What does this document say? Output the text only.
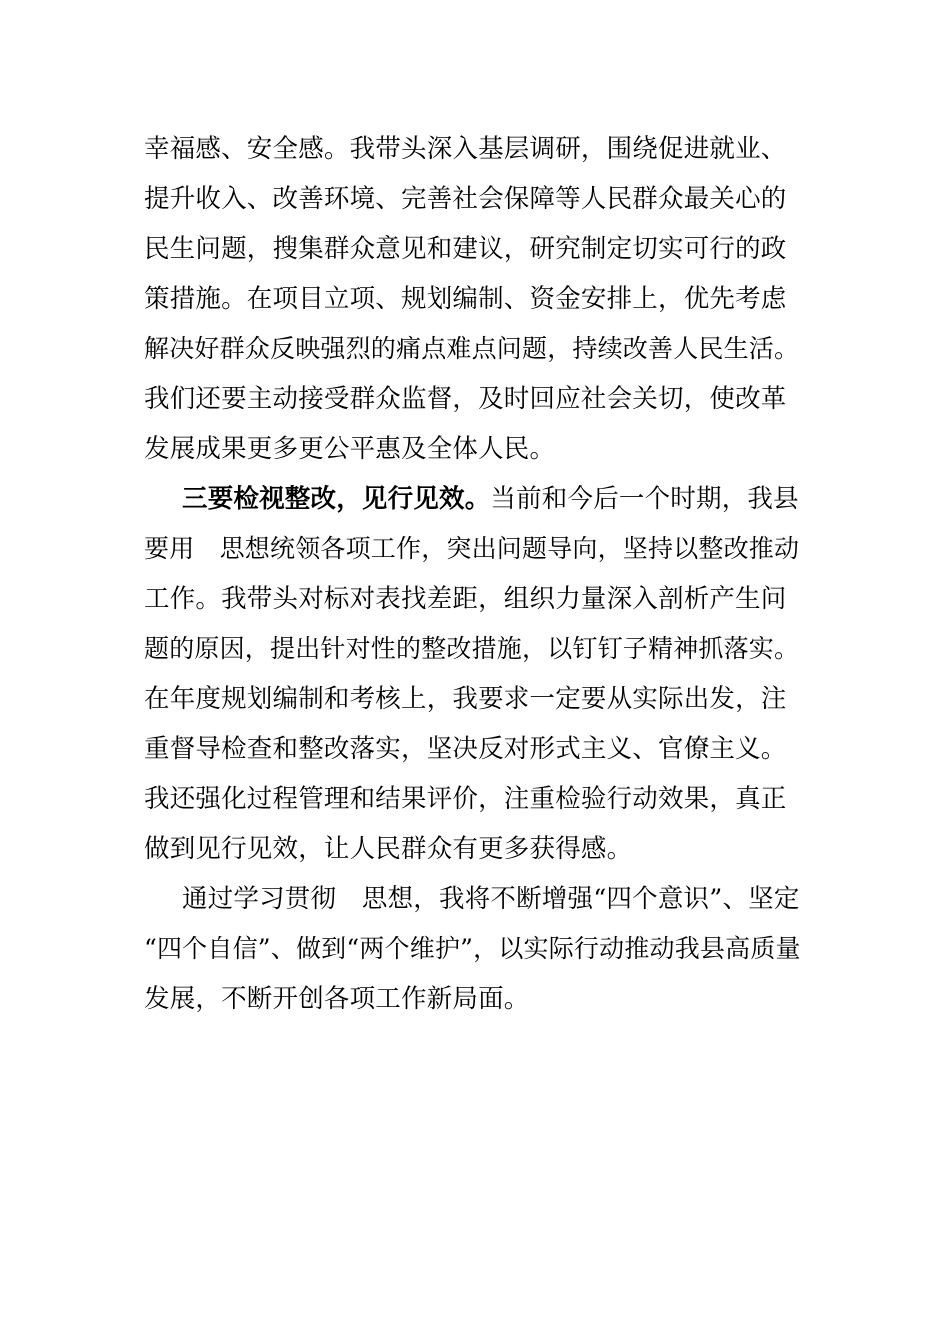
幸福感、安全感。我带头深入基层调研，围绕促进就业、
提升收入、改善环境、完善社会保障等人民群众最关心的
民生问题，搜集群众意见和建议，研究制定切实可行的政
策措施。在项目立项、规划编制、资金安排上，优先考虑
解决好群众反映强烈的痛点难点问题，持续改善人民生活。
我们还要主动接受群众监督，及时回应社会关切，使改革
发展成果更多更公平惠及全体人民。
三要检视整改，见行见效。当前和今后一个时期，我县
要用　思想统领各项工作，突出问题导向，坚持以整改推动
工作。我带头对标对表找差距，组织力量深入剖析产生问
题的原因，提出针对性的整改措施，以钉钉子精神抓落实。
在年度规划编制和考核上，我要求一定要从实际出发，注
重督导检查和整改落实，坚决反对形式主义、官僚主义。
我还强化过程管理和结果评价，注重检验行动效果，真正
做到见行见效，让人民群众有更多获得感。
通过学习贯彻　思想，我将不断增强“四个意识”、坚定
“四个自信”、做到“两个维护”，以实际行动推动我县高质量
发展，不断开创各项工作新局面。
